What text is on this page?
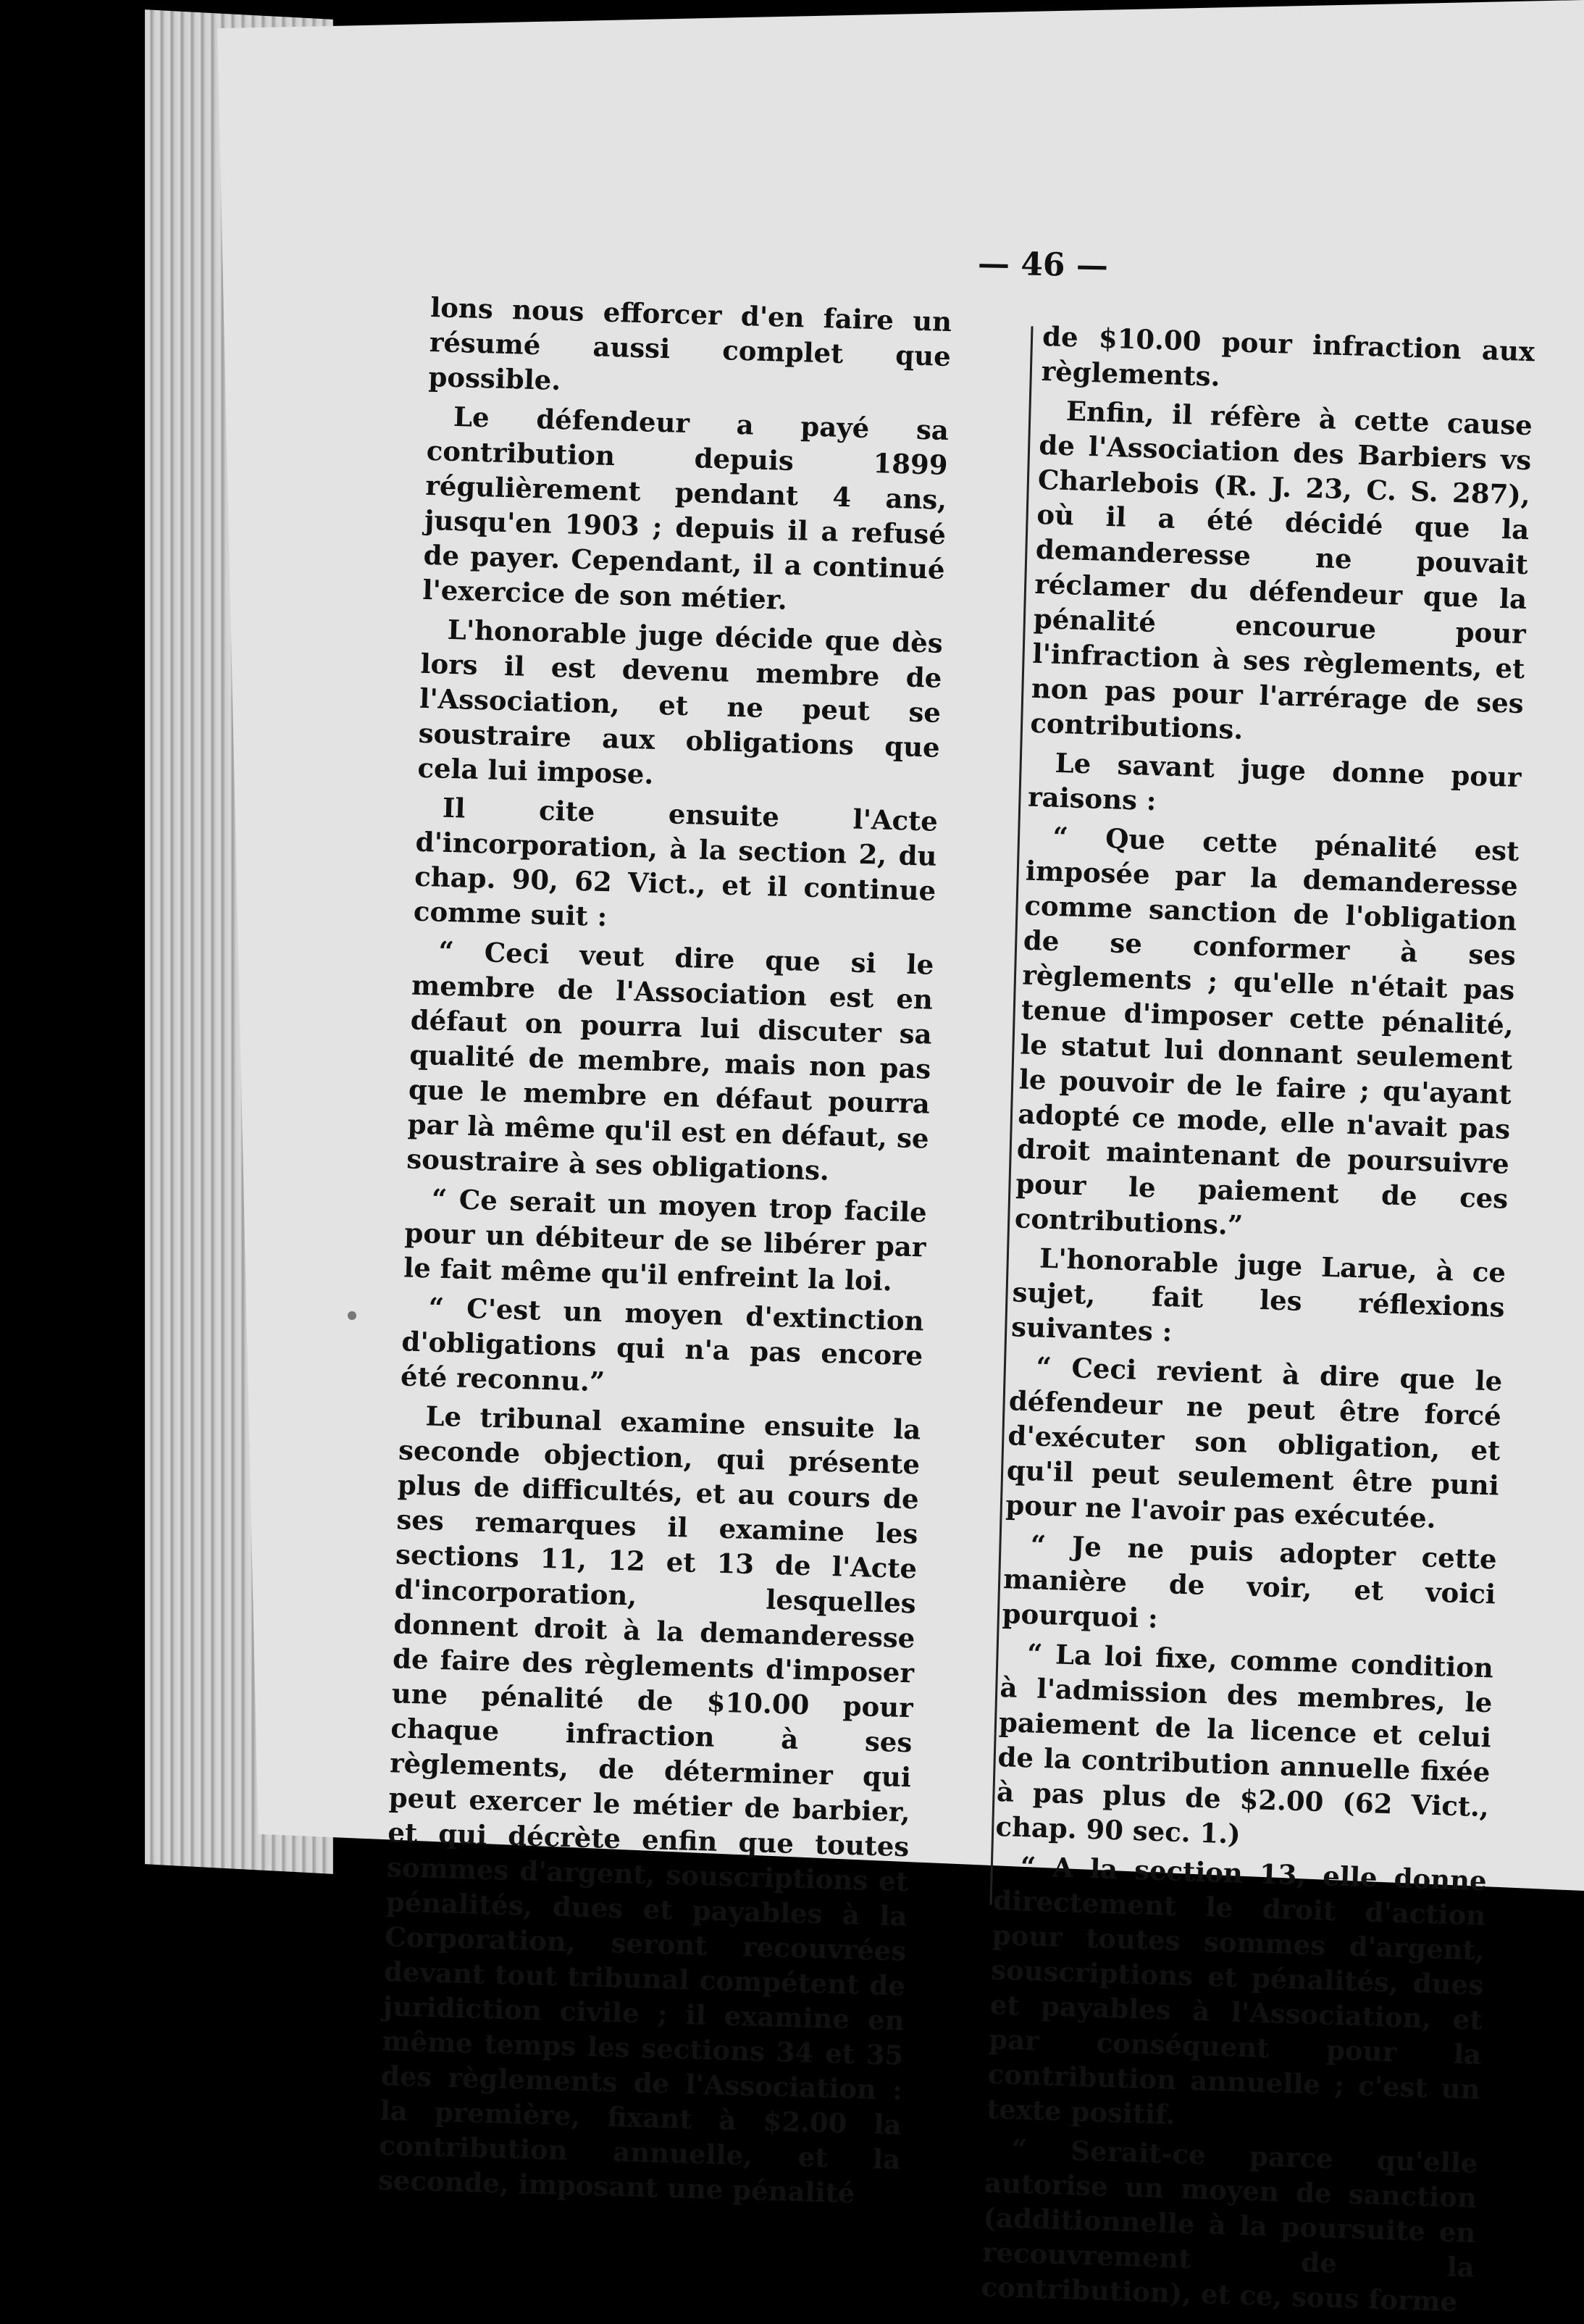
— 46 —

lons nous efforcer d'en faire un résumé aussi complet que possible.

Le défendeur a payé sa contribution depuis 1899 régulièrement pendant 4 ans, jusqu'en 1903 ; depuis il a refusé de payer. Cependant, il a continué l'exercice de son métier.

L'honorable juge décide que dès lors il est devenu membre de l'Association, et ne peut se soustraire aux obligations que cela lui impose.

Il cite ensuite l'Acte d'incorporation, à la section 2, du chap. 90, 62 Vict., et il continue comme suit :

“ Ceci veut dire que si le membre de l'Association est en défaut on pourra lui discuter sa qualité de membre, mais non pas que le membre en défaut pourra par là même qu'il est en défaut, se soustraire à ses obligations.

“ Ce serait un moyen trop facile pour un débiteur de se libérer par le fait même qu'il enfreint la loi.

“ C'est un moyen d'extinction d'obligations qui n'a pas encore été reconnu.”

Le tribunal examine ensuite la seconde objection, qui présente plus de difficultés, et au cours de ses remarques il examine les sections 11, 12 et 13 de l'Acte d'incorporation, lesquelles donnent droit à la demanderesse de faire des règlements d'imposer une pénalité de $10.00 pour chaque infraction à ses règlements, de déterminer qui peut exercer le métier de barbier, et qui décrète enfin que toutes sommes d'argent, souscriptions et pénalités, dues et payables à la Corporation, seront recouvrées devant tout tribunal compétent de juridiction civile ; il examine en même temps les sections 34 et 35 des règlements de l'Association : la première, fixant à $2.00 la contribution annuelle, et la seconde, imposant une pénalité

de $10.00 pour infraction aux règlements.

Enfin, il réfère à cette cause de l'Association des Barbiers vs Charlebois (R. J. 23, C. S. 287), où il a été décidé que la demanderesse ne pouvait réclamer du défendeur que la pénalité encourue pour l'infraction à ses règlements, et non pas pour l'arrérage de ses contributions.

Le savant juge donne pour raisons :

“ Que cette pénalité est imposée par la demanderesse comme sanction de l'obligation de se conformer à ses règlements ; qu'elle n'était pas tenue d'imposer cette pénalité, le statut lui donnant seulement le pouvoir de le faire ; qu'ayant adopté ce mode, elle n'avait pas droit maintenant de poursuivre pour le paiement de ces contributions.”

L'honorable juge Larue, à ce sujet, fait les réflexions suivantes :

“ Ceci revient à dire que le défendeur ne peut être forcé d'exécuter son obligation, et qu'il peut seulement être puni pour ne l'avoir pas exécutée.

“ Je ne puis adopter cette manière de voir, et voici pourquoi :

“ La loi fixe, comme condition à l'admission des membres, le paiement de la licence et celui de la contribution annuelle fixée à pas plus de $2.00 (62 Vict., chap. 90 sec. 1.)

“ A la section 13, elle donne directement le droit d'action pour toutes sommes d'argent, souscriptions et pénalités, dues et payables à l'Association, et par conséquent pour la contribution annuelle ; c'est un texte positif.

“ Serait-ce parce qu'elle autorise un moyen de sanction (additionnelle à la poursuite en recouvrement de la contribution), et ce, sous forme
